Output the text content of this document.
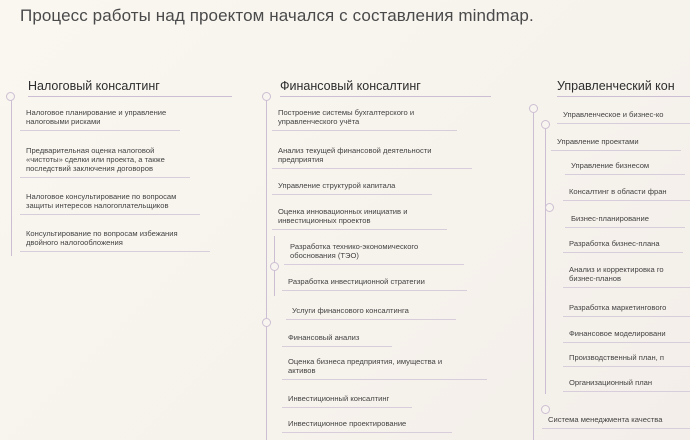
Процесс работы над проектом начался с составления mindmap.
Налоговый консалтинг
Налоговое планирование и управление
налоговыми рисками
Предварительная оценка налоговой
«чистоты» сделки или проекта, а также
последствий заключения договоров
Налоговое консультирование по вопросам
защиты интересов налогоплательщиков
Консультирование по вопросам избежания
двойного налогообложения
Финансовый консалтинг
Построение системы бухгалтерского и
управленческого учёта
Анализ текущей финансовой деятельности
предприятия
Управление структурой капитала
Оценка инновационных инициатив и
инвестиционных проектов
Разработка технико-экономического
обоснования (ТЭО)
Разработка инвестиционной стратегии
Услуги финансового консалтинга
Финансовый анализ
Оценка бизнеса предприятия, имущества и
активов
Инвестиционный консалтинг
Инвестиционное проектирование
Управленческий кон
Управленческое и бизнес-ко
Управление проектами
Управление бизнесом
Консалтинг в области фран
Бизнес-планирование
Разработка бизнес-плана
Анализ и корректировка го
бизнес-планов
Разработка маркетингового
Финансовое моделировани
Производственный план, п
Организационный план
Система менеджмента качества
